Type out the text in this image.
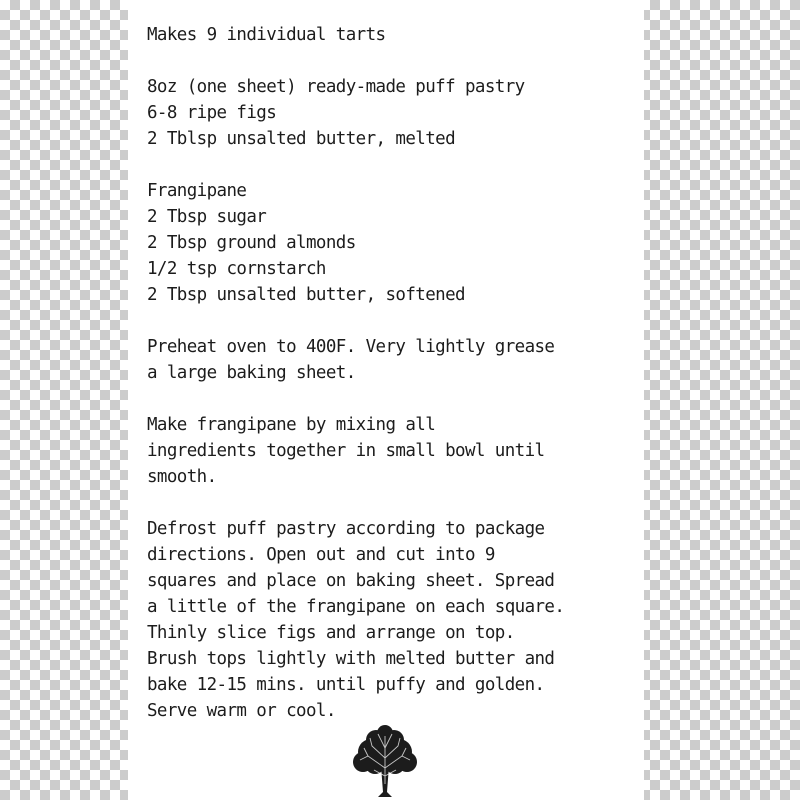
Makes 9 individual tarts
8oz (one sheet) ready-made puff pastry
6-8 ripe figs
2 Tblsp unsalted butter, melted
Frangipane
2 Tbsp sugar
2 Tbsp ground almonds
1/2 tsp cornstarch
2 Tbsp unsalted butter, softened
Preheat oven to 400F. Very lightly grease
a large baking sheet.
Make frangipane by mixing all
ingredients together in small bowl until
smooth.
Defrost puff pastry according to package
directions. Open out and cut into 9
squares and place on baking sheet. Spread
a little of the frangipane on each square.
Thinly slice figs and arrange on top.
Brush tops lightly with melted butter and
bake 12-15 mins. until puffy and golden.
Serve warm or cool.
